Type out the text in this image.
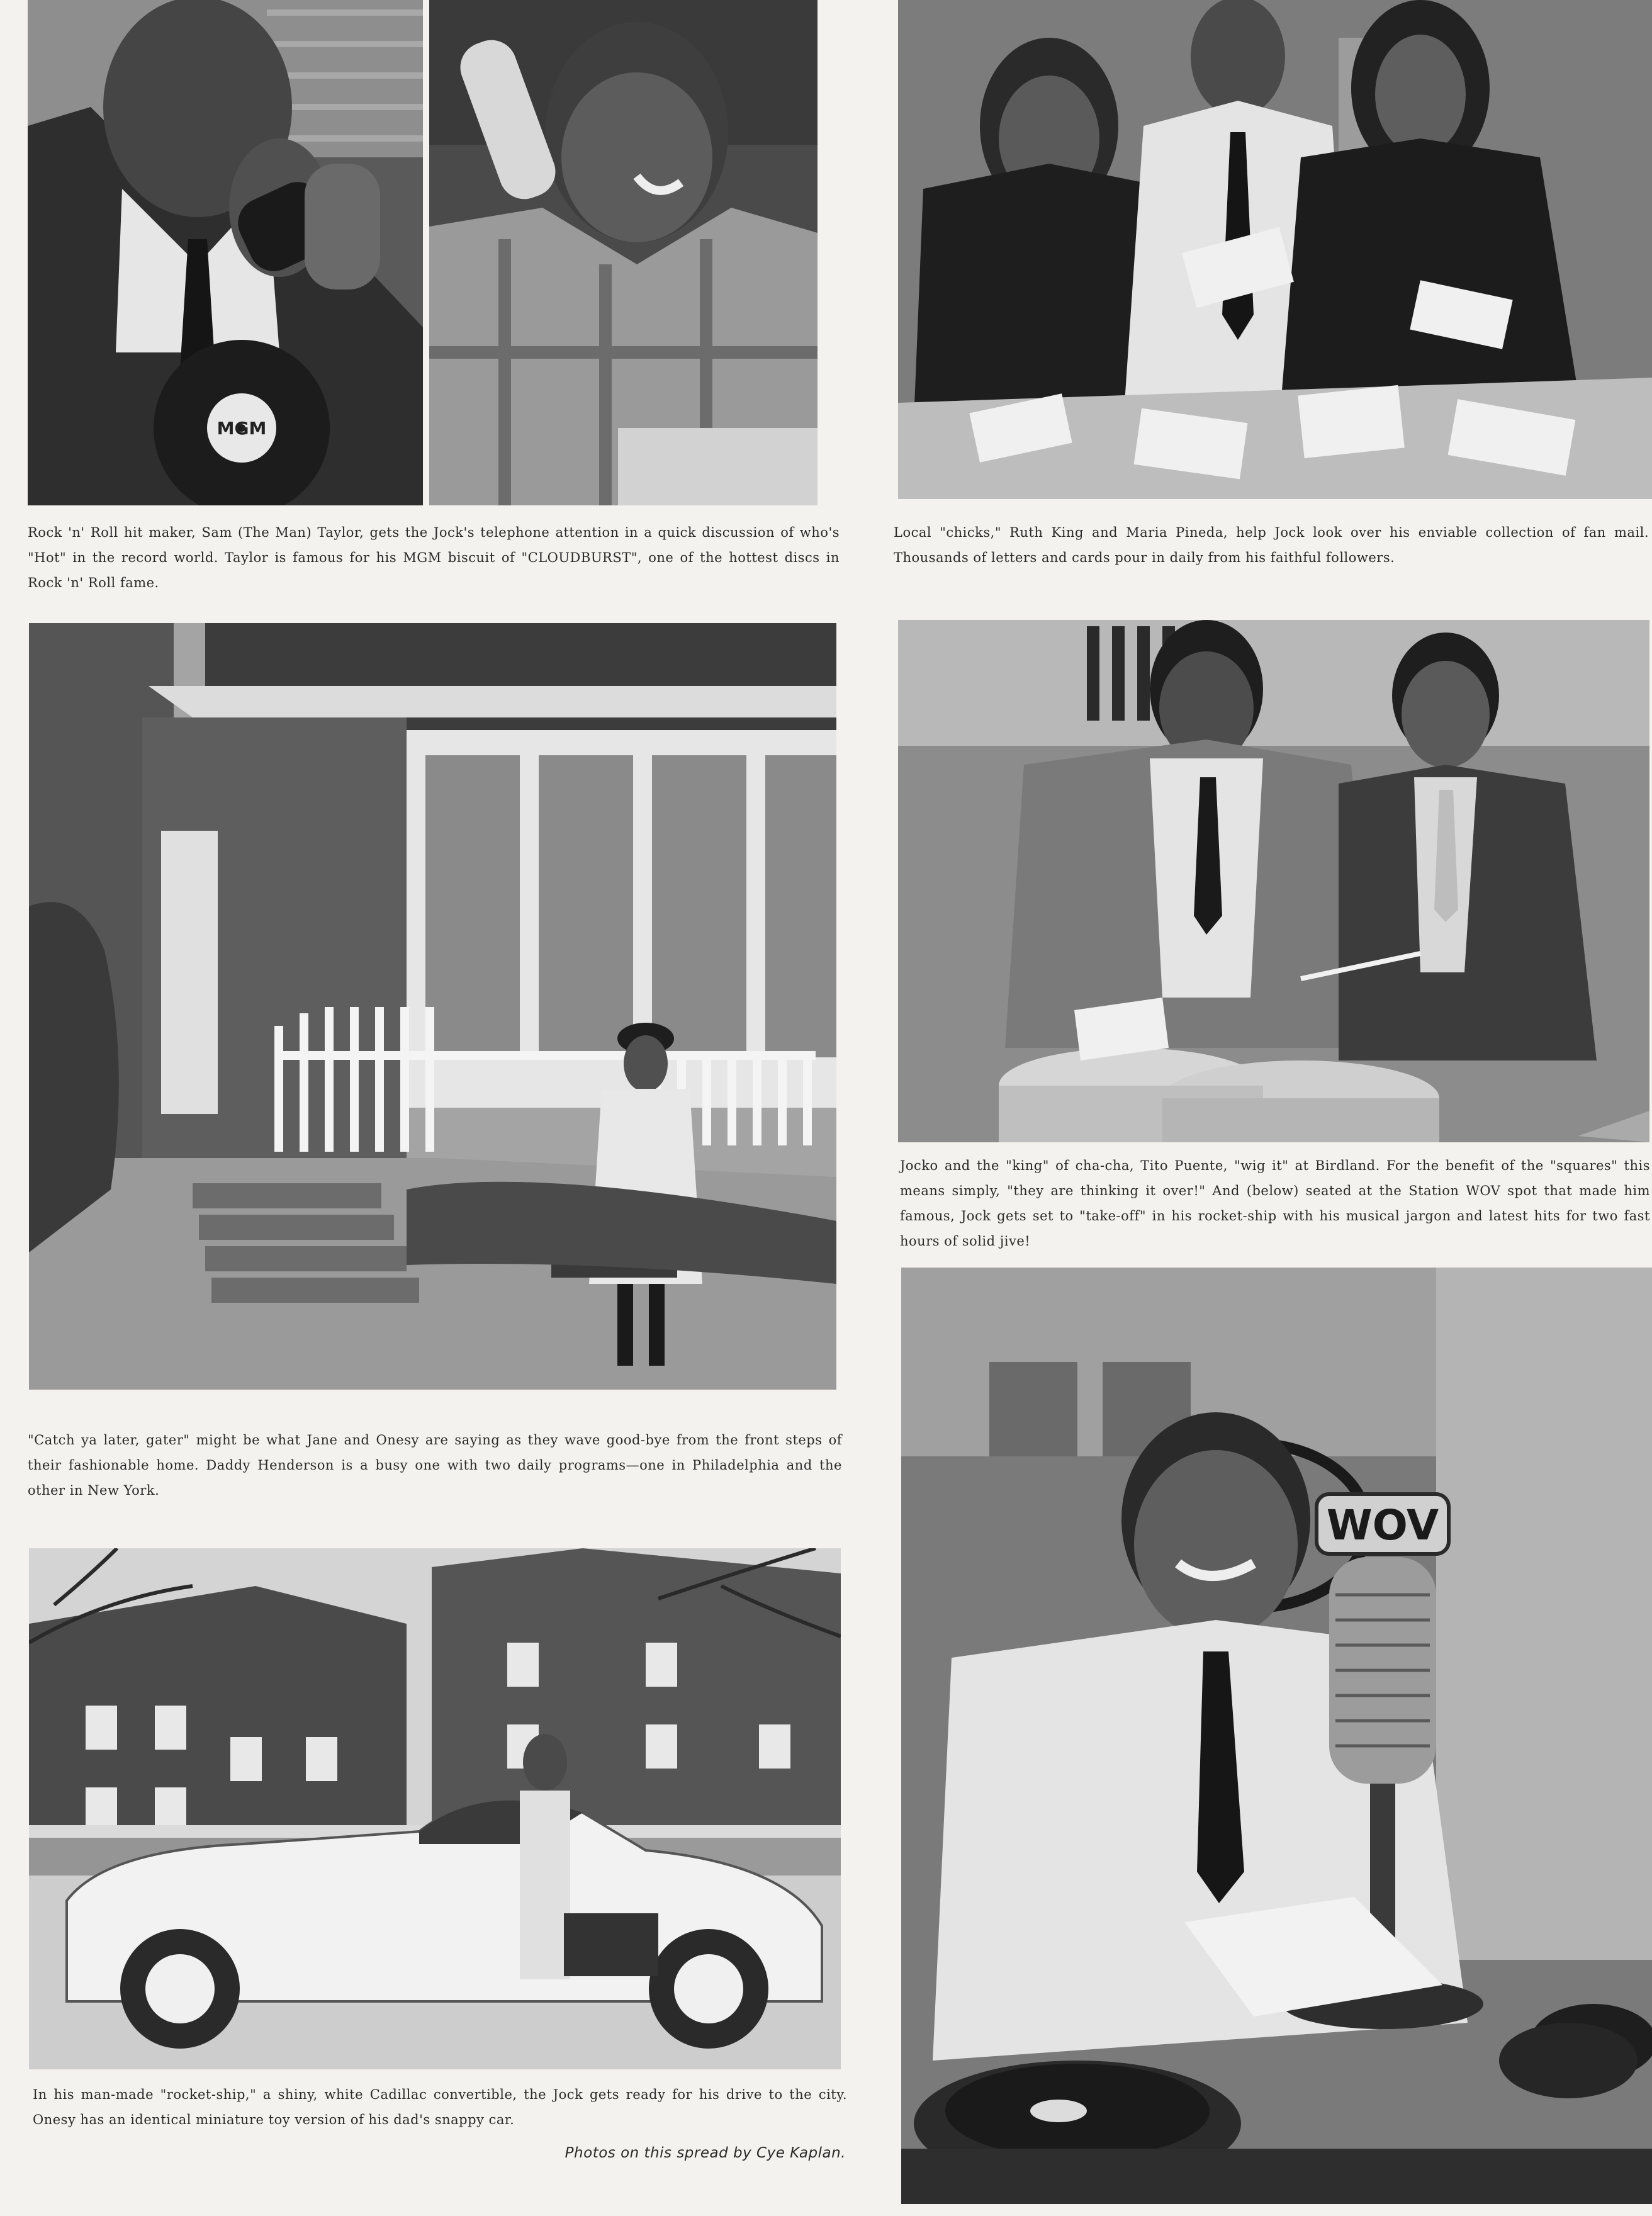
MGM

Rock 'n' Roll hit maker, Sam (The Man) Taylor, gets the Jock's telephone attention in a quick discussion of who's "Hot" in the record world. Taylor is famous for his MGM biscuit of "CLOUDBURST", one of the hottest discs in Rock 'n' Roll fame.

Local "chicks," Ruth King and Maria Pineda, help Jock look over his enviable collection of fan mail. Thousands of letters and cards pour in daily from his faithful followers.

Jocko and the "king" of cha-cha, Tito Puente, "wig it" at Birdland. For the benefit of the "squares" this means simply, "they are thinking it over!" And (below) seated at the Station WOV spot that made him famous, Jock gets set to "take-off" in his rocket-ship with his musical jargon and latest hits for two fast hours of solid jive!

"Catch ya later, gater" might be what Jane and Onesy are saying as they wave good-bye from the front steps of their fashionable home. Daddy Henderson is a busy one with two daily programs—one in Philadelphia and the other in New York.

WOV

In his man-made "rocket-ship," a shiny, white Cadillac convertible, the Jock gets ready for his drive to the city. Onesy has an identical miniature toy version of his dad's snappy car.

Photos on this spread by Cye Kaplan.
